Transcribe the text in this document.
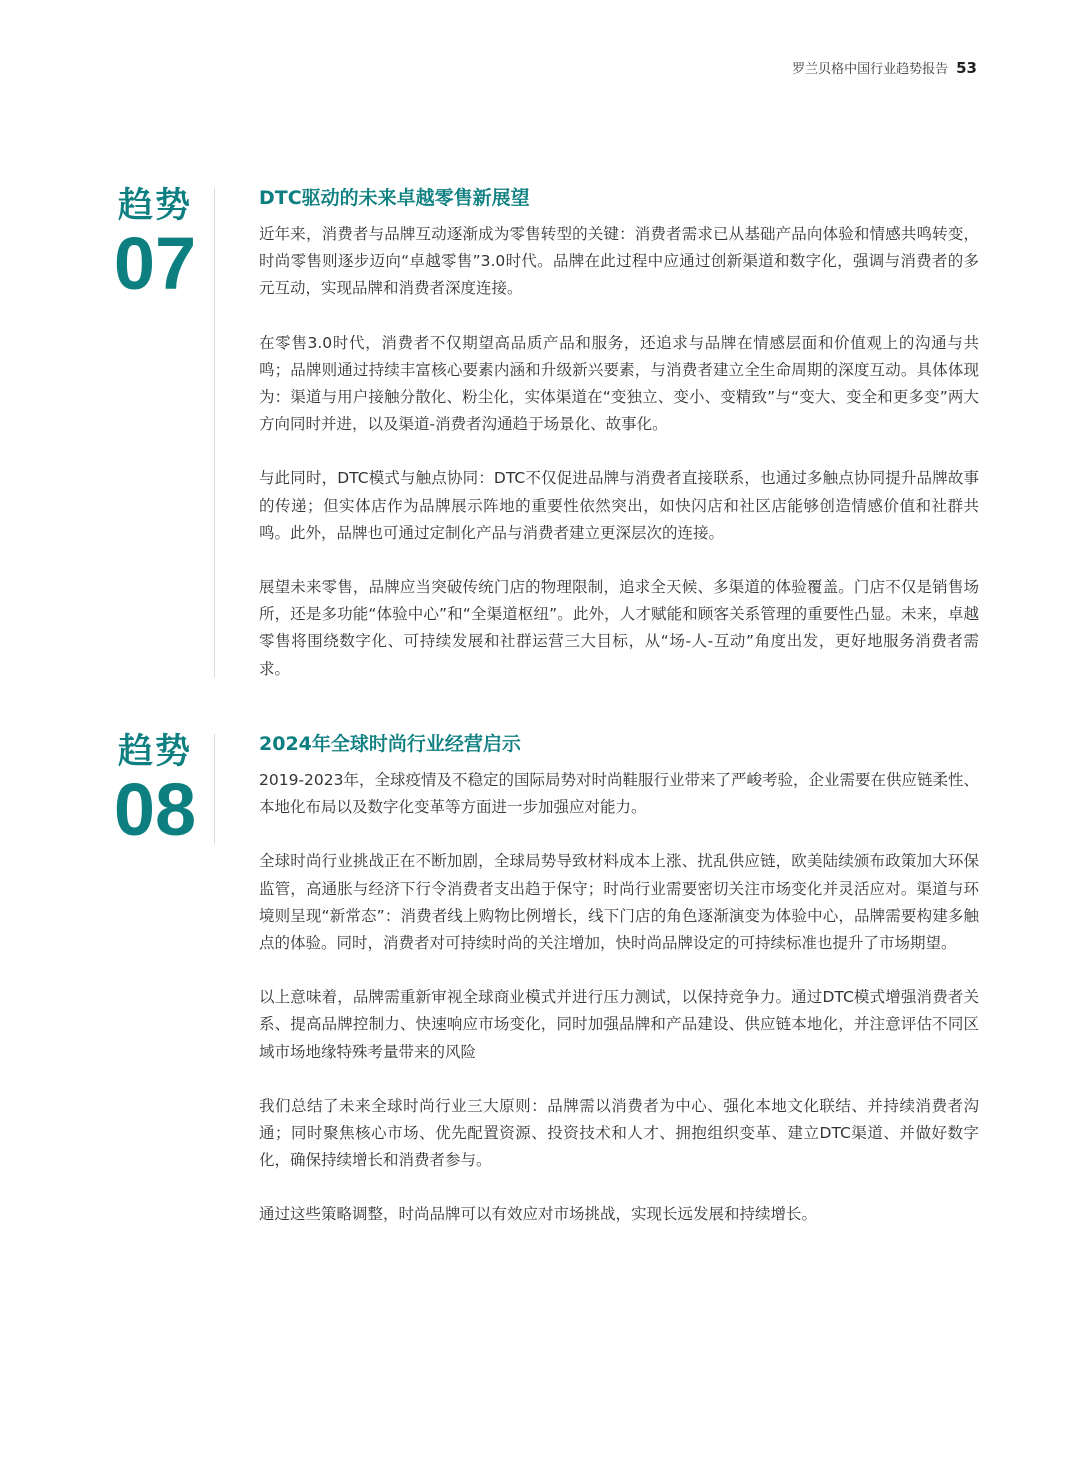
罗兰贝格中国行业趋势报告 53
趋势
07
DTC驱动的未来卓越零售新展望

近年来，消费者与品牌互动逐渐成为零售转型的关键：消费者需求已从基础产品向体验和情感共鸣转变，时尚零售则逐步迈向“卓越零售”3.0时代。品牌在此过程中应通过创新渠道和数字化，强调与消费者的多元互动，实现品牌和消费者深度连接。

在零售3.0时代，消费者不仅期望高品质产品和服务，还追求与品牌在情感层面和价值观上的沟通与共鸣；品牌则通过持续丰富核心要素内涵和升级新兴要素，与消费者建立全生命周期的深度互动。具体体现为：渠道与用户接触分散化、粉尘化，实体渠道在“变独立、变小、变精致”与“变大、变全和更多变”两大方向同时并进，以及渠道-消费者沟通趋于场景化、故事化。

与此同时，DTC模式与触点协同：DTC不仅促进品牌与消费者直接联系，也通过多触点协同提升品牌故事的传递；但实体店作为品牌展示阵地的重要性依然突出，如快闪店和社区店能够创造情感价值和社群共鸣。此外，品牌也可通过定制化产品与消费者建立更深层次的连接。

展望未来零售，品牌应当突破传统门店的物理限制，追求全天候、多渠道的体验覆盖。门店不仅是销售场所，还是多功能“体验中心”和“全渠道枢纽”。此外，人才赋能和顾客关系管理的重要性凸显。未来，卓越零售将围绕数字化、可持续发展和社群运营三大目标，从“场-人-互动”角度出发，更好地服务消费者需求。

趋势
08
2024年全球时尚行业经营启示

2019-2023年，全球疫情及不稳定的国际局势对时尚鞋服行业带来了严峻考验，企业需要在供应链柔性、本地化布局以及数字化变革等方面进一步加强应对能力。

全球时尚行业挑战正在不断加剧，全球局势导致材料成本上涨、扰乱供应链，欧美陆续颁布政策加大环保监管，高通胀与经济下行令消费者支出趋于保守；时尚行业需要密切关注市场变化并灵活应对。渠道与环境则呈现“新常态”：消费者线上购物比例增长，线下门店的角色逐渐演变为体验中心，品牌需要构建多触点的体验。同时，消费者对可持续时尚的关注增加，快时尚品牌设定的可持续标准也提升了市场期望。

以上意味着，品牌需重新审视全球商业模式并进行压力测试，以保持竞争力。通过DTC模式增强消费者关系、提高品牌控制力、快速响应市场变化，同时加强品牌和产品建设、供应链本地化，并注意评估不同区域市场地缘特殊考量带来的风险

我们总结了未来全球时尚行业三大原则：品牌需以消费者为中心、强化本地文化联结、并持续消费者沟通；同时聚焦核心市场、优先配置资源、投资技术和人才、拥抱组织变革、建立DTC渠道、并做好数字化，确保持续增长和消费者参与。

通过这些策略调整，时尚品牌可以有效应对市场挑战，实现长远发展和持续增长。
